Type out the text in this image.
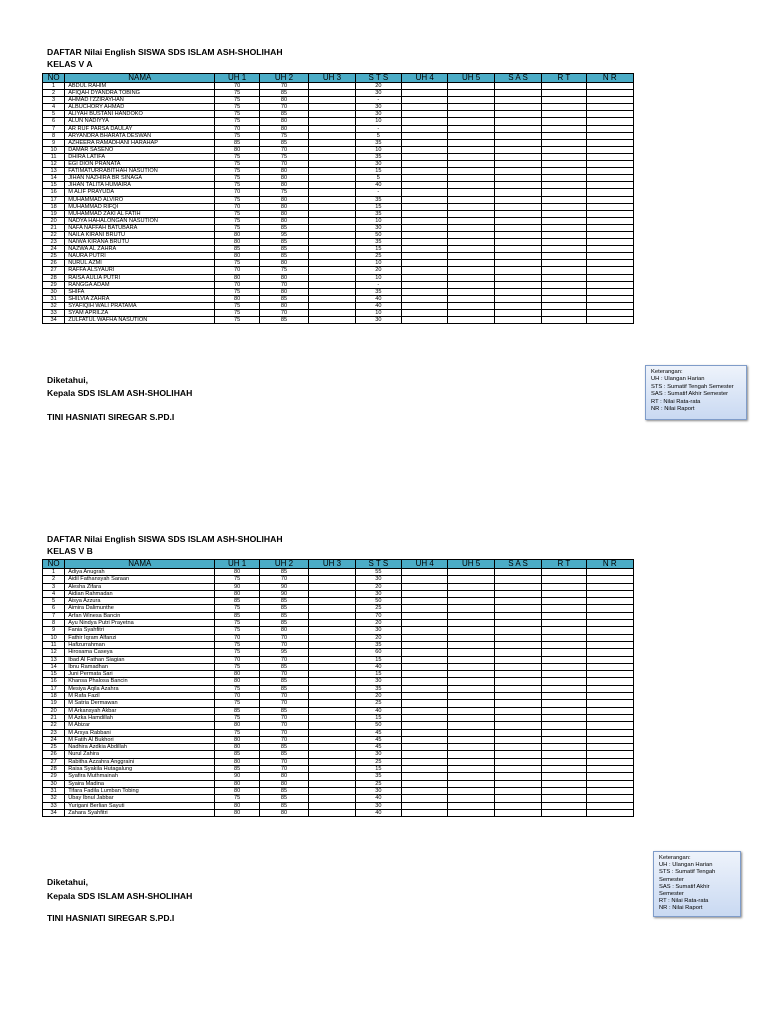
DAFTAR Nilai English SISWA SDS ISLAM ASH-SHOLIHAH
KELAS V A
NO	NAMA	UH 1	UH 2	UH 3	S T S	UH 4	UH 5	S A S	R T	N R
1	ABDUL RAHIM	70	70		20					
2	AFIQAH DYANDRA TOBING	75	85		30					
3	AHMAD I'ZZIRAYHAN	75	80		-					
4	ALBUCHORY AHMAD	75	70		30					
5	ALIYAH BUSTANI HANDOKO	75	85		30					
6	ALUN NADIYYA	75	80		10					
7	AR RUF PARSA DAULAY	70	80		-					
8	ARYANDRA BHARATA DESWAN	75	75		5					
9	AZHEERA RAMADHANI HARAHAP	85	85		35					
10	DAMAR SASENO	80	70		10					
11	DHIRA LATIFA	75	75		35					
12	EGI DION PRANATA	75	70		30					
13	FATIMATURRABITHAH NASUTION	75	80		15					
14	JIHAN NAZHIRA BR SINAGA	75	80		5					
15	JIHAN TALITA HUMAIRA	75	80		40					
16	M ALIF PRAYUDA	70	75		-					
17	MUHAMMAD ALVIRO	75	80		35					
18	MUHAMMAD RIFQI	70	80		15					
19	MUHAMMAD ZAKI AL FATIH	75	80		35					
20	NADYA HAHALONGAN NASUTION	75	80		10					
21	NAFA NAFFAH BATUBARA	75	85		30					
22	NAILA KIRANI BRUTU	80	95		50					
23	NAIWA KIRANA BRUTU	80	85		35					
24	NAZWA AL ZAHRA	85	85		15					
25	NAURA PUTRI	80	85		25					
26	NURUL AZMI	75	80		10					
27	RAFFA ALSYAURI	70	75		20					
28	RAISA AULIA PUTRI	80	80		10					
29	RANGGA ADAM	70	70		-					
30	SHIFA	75	80		35					
31	SHILVIA ZAHRA	80	85		40					
32	SYAFIQIH WALI PRATAMA	75	80		40					
33	SYAM APRILZA	75	70		10					
34	ZULFATUL WAFHA NASUTION	75	85		30					
Diketahui,
Kepala SDS ISLAM ASH-SHOLIHAH
TINI HASNIATI SIREGAR S.PD.I
Keterangan:
UH : Ulangan Harian
STS : Sumatif Tengah Semester
SAS : Sumatif Akhir Semester
RT : Nilai Rata-rata
NR : Nilai Raport
DAFTAR Nilai English SISWA SDS ISLAM ASH-SHOLIHAH
KELAS V B
NO	NAMA	UH 1	UH 2	UH 3	S T S	UH 4	UH 5	S A S	R T	N R
1	Adiya Anugrah	80	85		55					
2	Aidil Fathansyah Saraan	75	70		30					
3	Alesha Zifara	90	90		20					
4	Aidian Rahmadan	80	90		30					
5	Aisya Azzura	85	85		50					
6	Aimira Dalimunthe	75	85		25					
7	Arfan Winesa Bancin	85	85		70					
8	Ayu Nindya Putri Prayetna	75	85		20					
9	Fania Syahfitri	75	80		30					
10	Fathir Iqram Alfanzi	70	70		20					
11	Hafizurrahman	75	70		35					
12	Hirosama Caseya	75	95		60					
13	Ibad Al Fathan Siagian	70	70		15					
14	Ibnu Ramadhan	75	85		40					
15	Juni Permata Sari	80	70		15					
16	Khansa Phalosa Bancin	80	85		30					
17	Mesiya Aqila Azahra	75	85		35					
18	M Rafa Fazil	70	70		20					
19	M Satria Dermawan	75	70		25					
20	M Arkansyah Akbar	85	85		40					
21	M Azka Hamdillah	75	70		15					
22	M Abizar	80	70		50					
23	M Arsya Rabbani	75	70		45					
24	M Fatih Al Bukhori	80	70		45					
25	Nadhira Azdkia Abdillah	80	85		45					
26	Nurul Zahira	85	85		30					
27	Rabitha Azzahra Anggraini	80	70		25					
28	Raisa Syakila Hutagalung	85	70		15					
29	Syafira Muthmainah	90	80		35					
30	Syaira Madina	80	80		25					
31	Tifara Fadila Lumban Tobing	80	85		30					
32	Ubay Ibnul Jabbar	75	85		40					
33	Yurigani Berlian Sayuti	80	85		30					
34	Zahara Syahfitri	80	80		40					
Diketahui,
Kepala SDS ISLAM ASH-SHOLIHAH
TINI HASNIATI SIREGAR S.PD.I
Keterangan:
UH : Ulangan Harian
STS : Sumatif Tengah Semester
SAS : Sumatif Akhir Semester
RT : Nilai Rata-rata
NR : Nilai Raport
